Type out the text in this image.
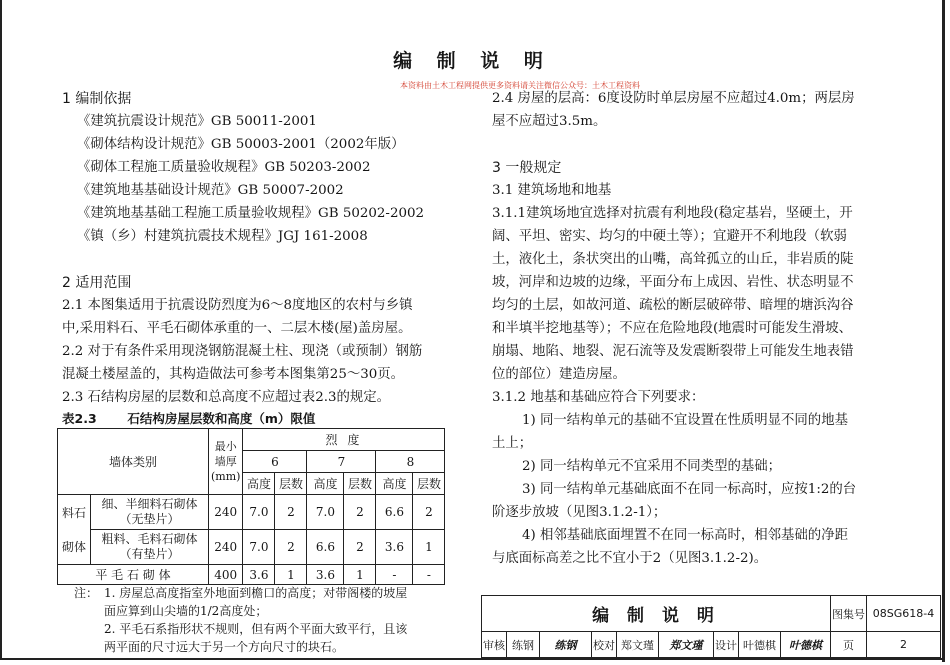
编 制 说 明
本资料由土木工程网提供更多资料请关注微信公众号：土木工程资料
1 编制依据
《建筑抗震设计规范》GB 50011-2001
《砌体结构设计规范》GB 50003-2001（2002年版）
《砌体工程施工质量验收规程》GB 50203-2002
《建筑地基基础设计规范》GB 50007-2002
《建筑地基基础工程施工质量验收规程》GB 50202-2002
《镇（乡）村建筑抗震技术规程》JGJ 161-2008
2 适用范围
2.1 本图集适用于抗震设防烈度为6～8度地区的农村与乡镇
中,采用料石、平毛石砌体承重的一、二层木楼(屋)盖房屋。
2.2 对于有条件采用现浇钢筋混凝土柱、现浇（或预制）钢筋
混凝土楼屋盖的，其构造做法可参考本图集第25～30页。
2.3 石结构房屋的层数和总高度不应超过表2.3的规定。
表2.3 石结构房屋层数和高度（m）限值
墙体类别		最小墙厚(mm)	烈 度					
			6		7		8	
			高度	层数	高度	层数	高度	层数
料石砌体	细、半细料石砌体（无垫片）	240	7.0	2	7.0	2	6.6	2
	粗料、毛料石砌体（有垫片）	240	7.0	2	6.6	2	3.6	1
平 毛 石 砌 体		400	3.6	1	3.6	1	-	-
注： 1. 房屋总高度指室外地面到檐口的高度；对带阁楼的坡屋
面应算到山尖墙的1/2高度处；
2. 平毛石系指形状不规则，但有两个平面大致平行，且该
两平面的尺寸远大于另一个方向尺寸的块石。
2.4 房屋的层高：6度设防时单层房屋不应超过4.0m；两层房
屋不应超过3.5m。
3 一般规定
3.1 建筑场地和地基
3.1.1建筑场地宜选择对抗震有利地段(稳定基岩，坚硬土，开
阔、平坦、密实、均匀的中硬土等）；宜避开不利地段（软弱
土，液化土，条状突出的山嘴，高耸孤立的山丘，非岩质的陡
坡，河岸和边坡的边缘，平面分布上成因、岩性、状态明显不
均匀的土层，如故河道、疏松的断层破碎带、暗埋的塘浜沟谷
和半填半挖地基等）；不应在危险地段(地震时可能发生滑坡、
崩塌、地陷、地裂、泥石流等及发震断裂带上可能发生地表错
位的部位）建造房屋。
3.1.2 地基和基础应符合下列要求：
1) 同一结构单元的基础不宜设置在性质明显不同的地基
土上；
2) 同一结构单元不宜采用不同类型的基础；
3) 同一结构单元基础底面不在同一标高时，应按1:2的台
阶逐步放坡（见图3.1.2-1）；
4) 相邻基础底面埋置不在同一标高时，相邻基础的净距
与底面标高差之比不宜小于2（见图3.1.2-2)。
编 制 说 明									图集号	08SG618-4
审核	练钢	练钢	校对	郑文瑾	郑文瑾	设计	叶德棋	叶德棋	页	2
